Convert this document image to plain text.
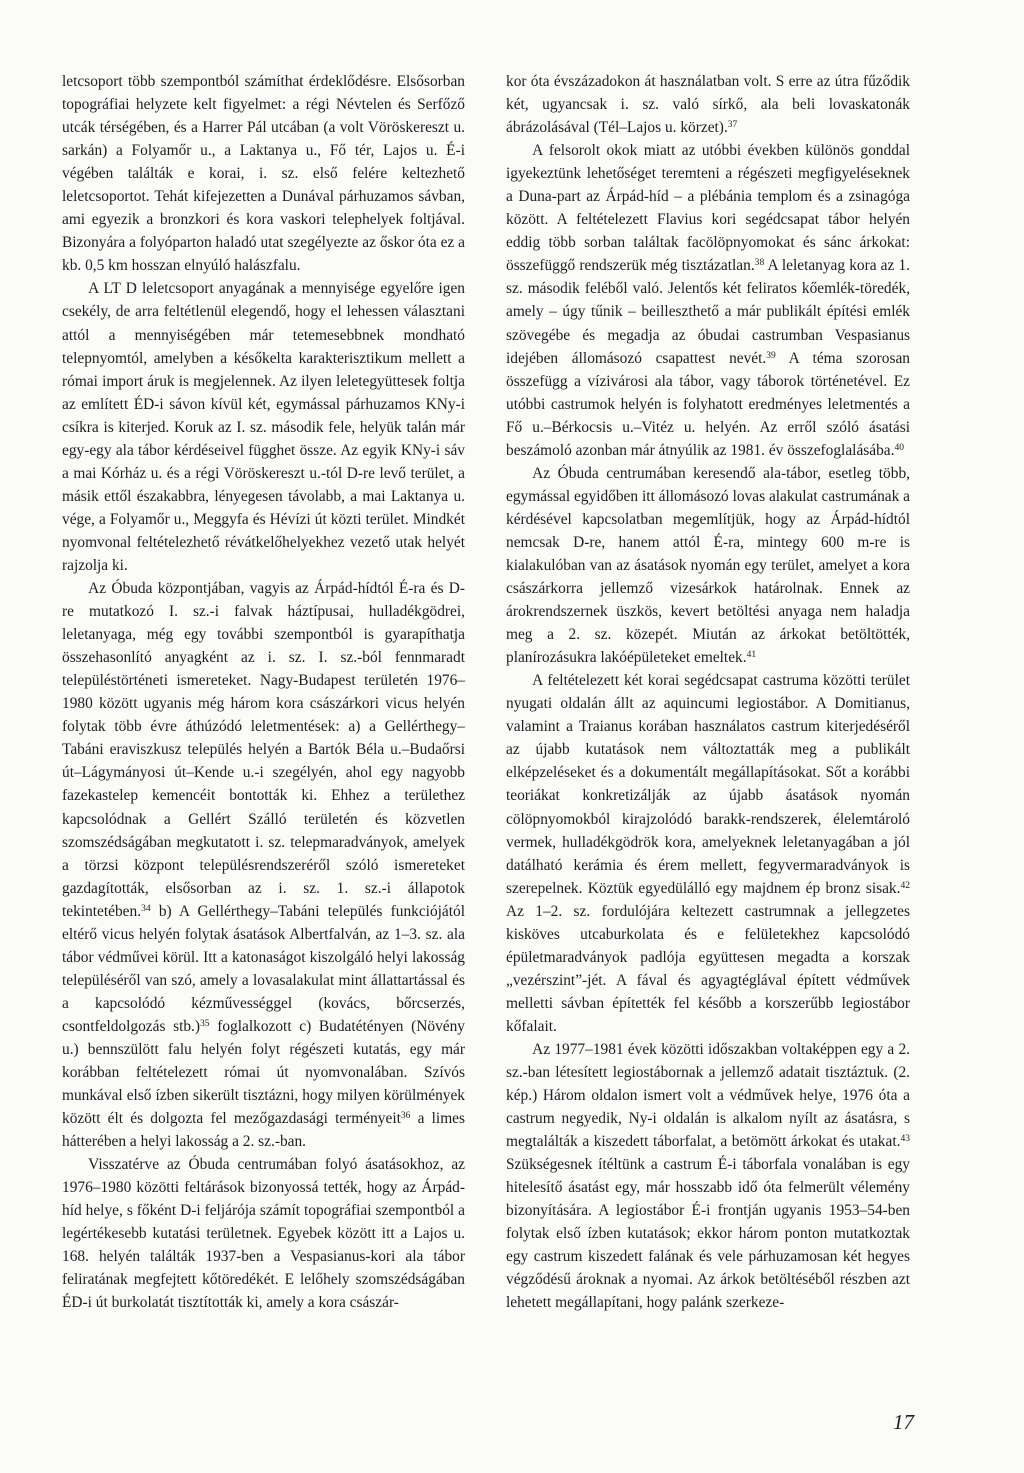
letcsoport több szempontból számíthat érdeklődésre. Elsősorban topográfiai helyzete kelt figyelmet: a régi Névtelen és Serfőző utcák térségében, és a Harrer Pál utcában (a volt Vöröskereszt u. sarkán) a Folyamőr u., a Laktanya u., Fő tér, Lajos u. É-i végében találták e korai, i. sz. első felére keltezhető leletcsoportot. Tehát kifejezetten a Dunával párhuzamos sávban, ami egyezik a bronzkori és kora vaskori telephelyek foltjával. Bizonyára a folyóparton haladó utat szegélyezte az őskor óta ez a kb. 0,5 km hosszan elnyúló halászfalu.

A LT D leletcsoport anyagának a mennyisége egyelőre igen csekély, de arra feltétlenül elegendő, hogy el lehessen választani attól a mennyiségében már tetemesebbnek mondható telepnyomtól, amelyben a későkelta karakterisztikum mellett a római import áruk is megjelennek. Az ilyen leletegyüttesek foltja az említett ÉD-i sávon kívül két, egymással párhuzamos KNy-i csíkra is kiterjed. Koruk az I. sz. második fele, helyük talán már egy-egy ala tábor kérdéseivel függhet össze. Az egyik KNy-i sáv a mai Kórház u. és a régi Vöröskereszt u.-tól D-re levő terület, a másik ettől északabbra, lényegesen távolabb, a mai Laktanya u. vége, a Folyamőr u., Meggyfa és Hévízi út közti terület. Mindkét nyomvonal feltételezhető révátkelőhelyekhez vezető utak helyét rajzolja ki.

Az Óbuda központjában, vagyis az Árpád-hídtól É-ra és D-re mutatkozó I. sz.-i falvak háztípusai, hulladékgödrei, leletanyaga, még egy további szempontból is gyarapíthatja összehasonlító anyagként az i. sz. I. sz.-ból fennmaradt településtörténeti ismereteket. Nagy-Budapest területén 1976–1980 között ugyanis még három kora császárkori vicus helyén folytak több évre áthúzódó leletmentések: a) a Gellérthegy–Tabáni eraviszkusz település helyén a Bartók Béla u.–Budaőrsi út–Lágymányosi út–Kende u.-i szegélyén, ahol egy nagyobb fazekastelep kemencéit bontották ki. Ehhez a területhez kapcsolódnak a Gellért Szálló területén és közvetlen szomszédságában megkutatott i. sz. telepmaradványok, amelyek a törzsi központ településrendszeréről szóló ismereteket gazdagították, elsősorban az i. sz. 1. sz.-i állapotok tekintetében.$^{34}$ b) A Gellérthegy–Tabáni település funkciójától eltérő vicus helyén folytak ásatások Albertfalván, az 1–3. sz. ala tábor védművei körül. Itt a katonaságot kiszolgáló helyi lakosság településéről van szó, amely a lovasalakulat mint állattartással és a kapcsolódó kézművességgel (kovács, bőrcserzés, csontfeldolgozás stb.)$^{35}$ foglalkozott c) Budatétényen (Növény u.) bennszülött falu helyén folyt régészeti kutatás, egy már korábban feltételezett római út nyomvonalában. Szívós munkával első ízben sikerült tisztázni, hogy milyen körülmények között élt és dolgozta fel mezőgazdasági terményeit$^{36}$ a limes hátterében a helyi lakosság a 2. sz.-ban.

Visszatérve az Óbuda centrumában folyó ásatásokhoz, az 1976–1980 közötti feltárások bizonyossá tették, hogy az Árpád-híd helye, s főként D-i feljárója számít topográfiai szempontból a legértékesebb kutatási területnek. Egyebek között itt a Lajos u. 168. helyén találták 1937-ben a Vespasianus-kori ala tábor feliratának megfejtett kőtöredékét. E lelőhely szomszédságában ÉD-i út burkolatát tisztították ki, amely a kora császár-

kor óta évszázadokon át használatban volt. S erre az útra fűződik két, ugyancsak i. sz. való sírkő, ala beli lovaskatonák ábrázolásával (Tél–Lajos u. körzet).$^{37}$

A felsorolt okok miatt az utóbbi években különös gonddal igyekeztünk lehetőséget teremteni a régészeti megfigyeléseknek a Duna-part az Árpád-híd – a plébánia templom és a zsinagóga között. A feltételezett Flavius kori segédcsapat tábor helyén eddig több sorban találtak facölöpnyomokat és sánc árkokat: összefüggő rendszerük még tisztázatlan.$^{38}$ A leletanyag kora az 1. sz. második feléből való. Jelentős két feliratos kőemlék-töredék, amely – úgy tűnik – beilleszthető a már publikált építési emlék szövegébe és megadja az óbudai castrumban Vespasianus idejében állomásozó csapattest nevét.$^{39}$ A téma szorosan összefügg a vízivárosi ala tábor, vagy táborok történetével. Ez utóbbi castrumok helyén is folyhatott eredményes leletmentés a Fő u.–Bérkocsis u.–Vitéz u. helyén. Az erről szóló ásatási beszámoló azonban már átnyúlik az 1981. év összefoglalásába.$^{40}$

Az Óbuda centrumában keresendő ala-tábor, esetleg több, egymással egyidőben itt állomásozó lovas alakulat castrumának a kérdésével kapcsolatban megemlítjük, hogy az Árpád-hídtól nemcsak D-re, hanem attól É-ra, mintegy 600 m-re is kialakulóban van az ásatások nyomán egy terület, amelyet a kora császárkorra jellemző vizesárkok határolnak. Ennek az árokrendszernek üszkös, kevert betöltési anyaga nem haladja meg a 2. sz. közepét. Miután az árkokat betöltötték, planírozásukra lakóépületeket emeltek.$^{41}$

A feltételezett két korai segédcsapat castruma közötti terület nyugati oldalán állt az aquincumi legiostábor. A Domitianus, valamint a Traianus korában használatos castrum kiterjedéséről az újabb kutatások nem változtatták meg a publikált elképzeléseket és a dokumentált megállapításokat. Sőt a korábbi teoriákat konkretizálják az újabb ásatások nyomán cölöpnyomokból kirajzolódó barakk-rendszerek, élelemtároló vermek, hulladékgödrök kora, amelyeknek leletanyagában a jól datálható kerámia és érem mellett, fegyvermaradványok is szerepelnek. Köztük egyedülálló egy majdnem ép bronz sisak.$^{42}$ Az 1–2. sz. fordulójára keltezett castrumnak a jellegzetes kisköves utcaburkolata és e felületekhez kapcsolódó épületmaradványok padlója együttesen megadta a korszak „vezérszint”-jét. A fával és agyagtéglával épített védművek melletti sávban építették fel később a korszerűbb legiostábor kőfalait.

Az 1977–1981 évek közötti időszakban voltaképpen egy a 2. sz.-ban létesített legiostábornak a jellemző adatait tisztáztuk. (2. kép.) Három oldalon ismert volt a védművek helye, 1976 óta a castrum negyedik, Ny-i oldalán is alkalom nyílt az ásatásra, s megtalálták a kiszedett táborfalat, a betömött árkokat és utakat.$^{43}$ Szükségesnek ítéltünk a castrum É-i táborfala vonalában is egy hitelesítő ásatást egy, már hosszabb idő óta felmerült vélemény bizonyítására. A legiostábor É-i frontján ugyanis 1953–54-ben folytak első ízben kutatások; ekkor három ponton mutatkoztak egy castrum kiszedett falának és vele párhuzamosan két hegyes végződésű ároknak a nyomai. Az árkok betöltéséből részben azt lehetett megállapítani, hogy palánk szerkeze-

17
